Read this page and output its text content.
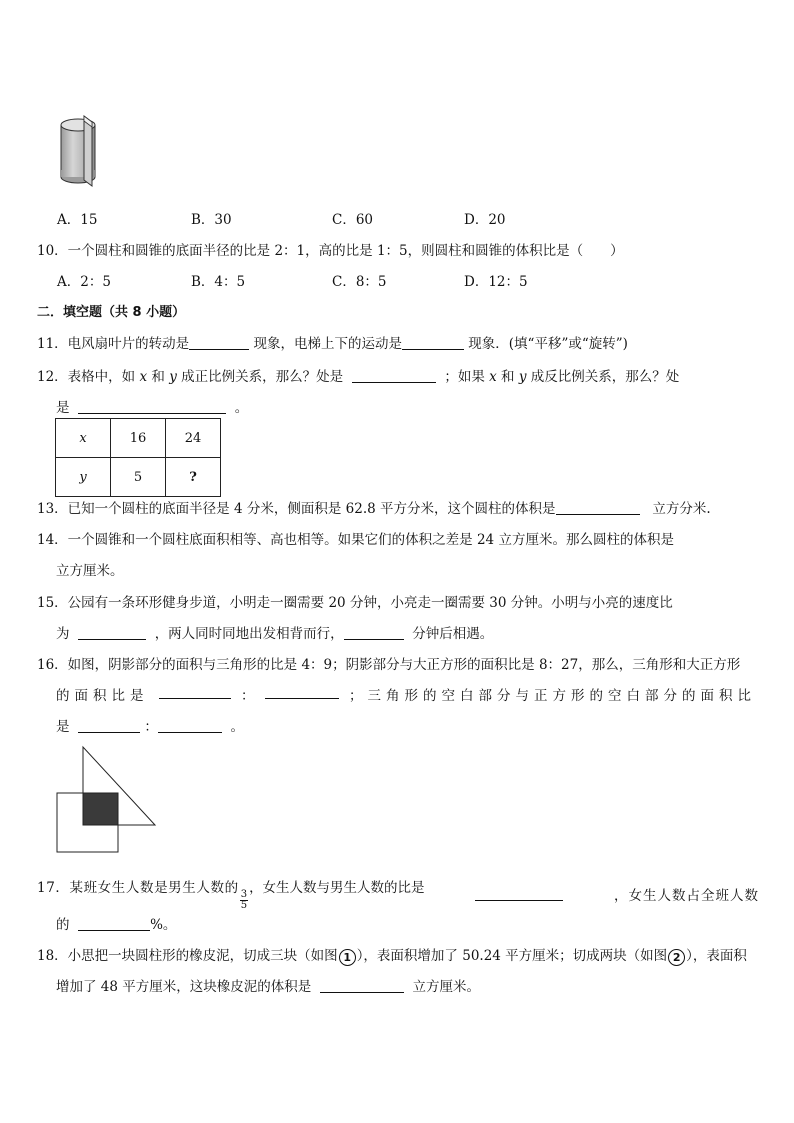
A．15	B．30	C．60	D．20
10．一个圆柱和圆锥的底面半径的比是 2：1，高的比是 1：5，则圆柱和圆锥的体积比是（　　）
A．2：5	B．4：5	C．8：5	D．12：5
二．填空题（共 8 小题）
11．电风扇叶片的转动是	现象，电梯上下的运动是	现象．(填“平移”或“旋转”)
12．表格中，如 x 和 y 成正比例关系，那么？处是	；如果 x 和 y 成反比例关系，那么？处
是	。
x	16	24
y	5	?
13．已知一个圆柱的底面半径是 4 分米，侧面积是 62.8 平方分米，这个圆柱的体积是	立方分米.
14．一个圆锥和一个圆柱底面积相等、高也相等。如果它们的体积之差是 24 立方厘米。那么圆柱的体积是
立方厘米。
15．公园有一条环形健身步道，小明走一圈需要 20 分钟，小亮走一圈需要 30 分钟。小明与小亮的速度比
为	，两人同时同地出发相背而行，	分钟后相遇。
16．如图，阴影部分的面积与三角形的比是 4：9；阴影部分与大正方形的面积比是 8：27，那么，三角形和大正方形
的面积比是	：	；三角形的空白部分与正方形的空白部分的面积比
是	：	。
17．某班女生人数是男生人数的
$\frac{3}{5}$
，女生人数与男生人数的比是	，女生人数占全班人数
的	%。
18．小思把一块圆柱形的橡皮泥，切成三块（如图 1 ），表面积增加了 50.24 平方厘米；切成两块（如图 2 ），表面积
增加了 48 平方厘米，这块橡皮泥的体积是	立方厘米。
